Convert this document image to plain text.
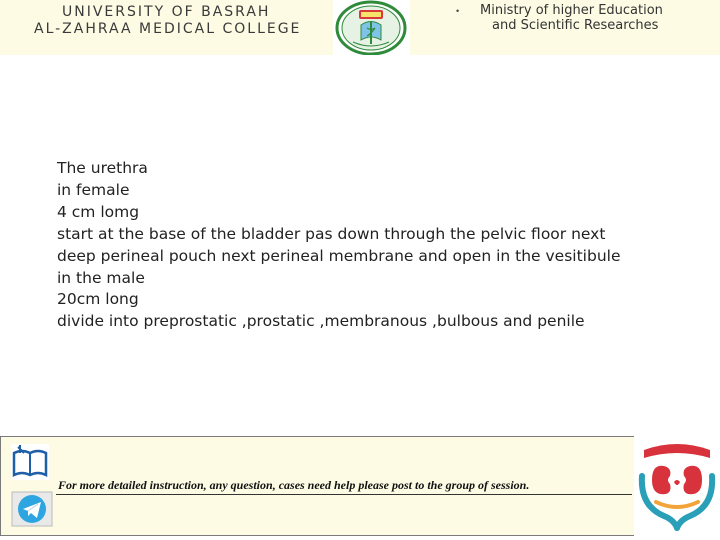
UNIVERSITY OF BASRAH
AL-ZAHRAA MEDICAL COLLEGE
• Ministry of higher Education
and Scientific Researches
The urethra
in female
4 cm lomg
start at the base of the bladder pas down through the pelvic floor next
deep perineal pouch next perineal membrane and open in the vesitibule
in the male
20cm long
divide into preprostatic ,prostatic ,membranous ,bulbous and penile
For more detailed instruction, any question, cases need help please post to the group of session.
